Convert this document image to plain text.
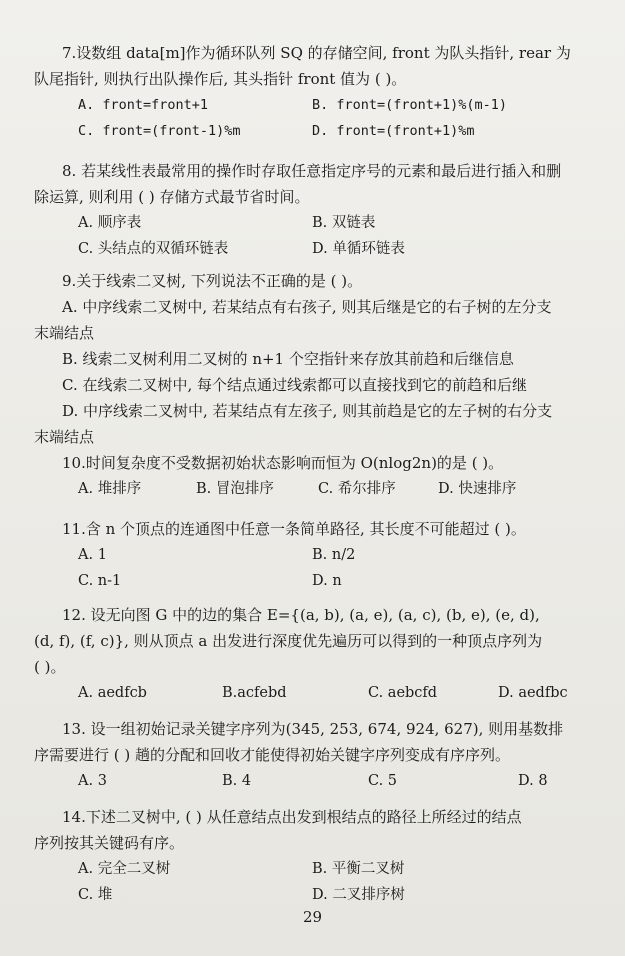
7.设数组 data[m]作为循环队列 SQ 的存储空间, front 为队头指针, rear 为
队尾指针, 则执行出队操作后, 其头指针 front 值为 ( )。
A. front=front+1	B. front=(front+1)%(m-1)
C. front=(front-1)%m	D. front=(front+1)%m
8. 若某线性表最常用的操作时存取任意指定序号的元素和最后进行插入和删
除运算, 则利用 ( ) 存储方式最节省时间。
A. 顺序表	B. 双链表
C. 头结点的双循环链表	D. 单循环链表
9.关于线索二叉树, 下列说法不正确的是 ( )。
A. 中序线索二叉树中, 若某结点有右孩子, 则其后继是它的右子树的左分支
末端结点
B. 线索二叉树利用二叉树的 n+1 个空指针来存放其前趋和后继信息
C. 在线索二叉树中, 每个结点通过线索都可以直接找到它的前趋和后继
D. 中序线索二叉树中, 若某结点有左孩子, 则其前趋是它的左子树的右分支
末端结点
10.时间复杂度不受数据初始状态影响而恒为 O(nlog2n)的是 ( )。
A. 堆排序	B. 冒泡排序	C. 希尔排序	D. 快速排序
11.含 n 个顶点的连通图中任意一条简单路径, 其长度不可能超过 ( )。
A. 1	B. n/2
C. n-1	D. n
12. 设无向图 G 中的边的集合 E={(a, b), (a, e), (a, c), (b, e), (e, d),
(d, f), (f, c)}, 则从顶点 a 出发进行深度优先遍历可以得到的一种顶点序列为
( )。
A. aedfcb	B.acfebd	C. aebcfd	D. aedfbc
13. 设一组初始记录关键字序列为(345, 253, 674, 924, 627), 则用基数排
序需要进行 ( ) 趟的分配和回收才能使得初始关键字序列变成有序序列。
A. 3	B. 4	C. 5	D. 8
14.下述二叉树中, ( ) 从任意结点出发到根结点的路径上所经过的结点
序列按其关键码有序。
A. 完全二叉树	B. 平衡二叉树
C. 堆	D. 二叉排序树
29
